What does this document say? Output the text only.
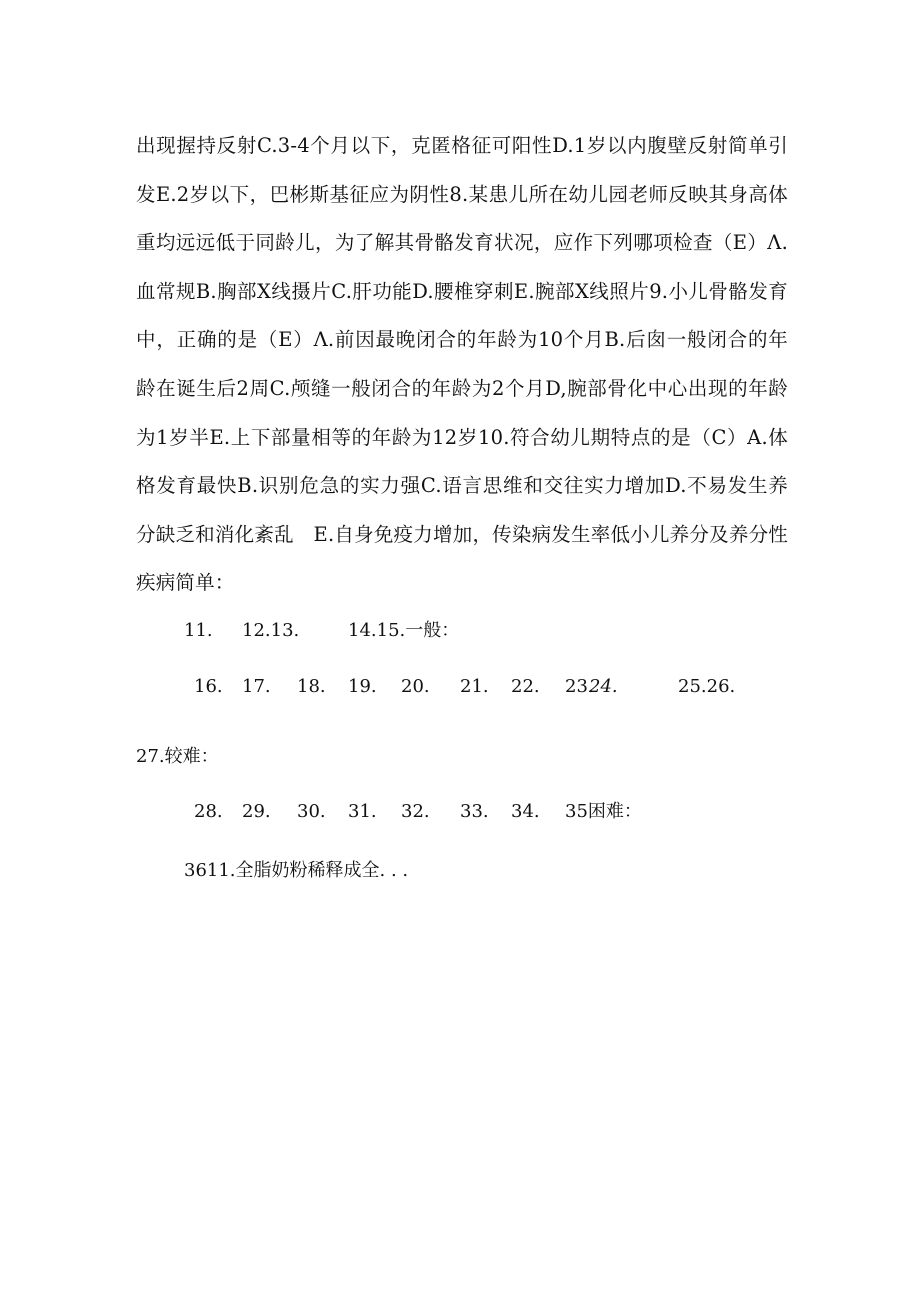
出现握持反射C.3-4个月以下，克匿格征可阳性D.1岁以内腹壁反射简单引发E.2岁以下，巴彬斯基征应为阴性8.某患儿所在幼儿园老师反映其身高体重均远远低于同龄儿，为了解其骨骼发育状况，应作下列哪项检查（E）Λ.血常规B.胸部X线摄片C.肝功能D.腰椎穿刺E.腕部X线照片9.小儿骨骼发育中，正确的是（E）Λ.前因最晚闭合的年龄为10个月B.后囱一般闭合的年龄在诞生后2周C.颅缝一般闭合的年龄为2个月D,腕部骨化中心出现的年龄为1岁半E.上下部量相等的年龄为12岁10.符合幼儿期特点的是（C）A.体格发育最快B.识别危急的实力强C.语言思维和交往实力增加D.不易发生养分缺乏和消化紊乱　E.自身免疫力增加，传染病发生率低小儿养分及养分性疾病简单：

11. 12.13.	14.15.一般：
16. 17. 18. 19. 20. 21. 22. 23.
24.	25.26.
27.较难：
28. 29. 30. 31. 32. 33. 34. 35困难：
3611.全脂奶粉稀释成全. . .
